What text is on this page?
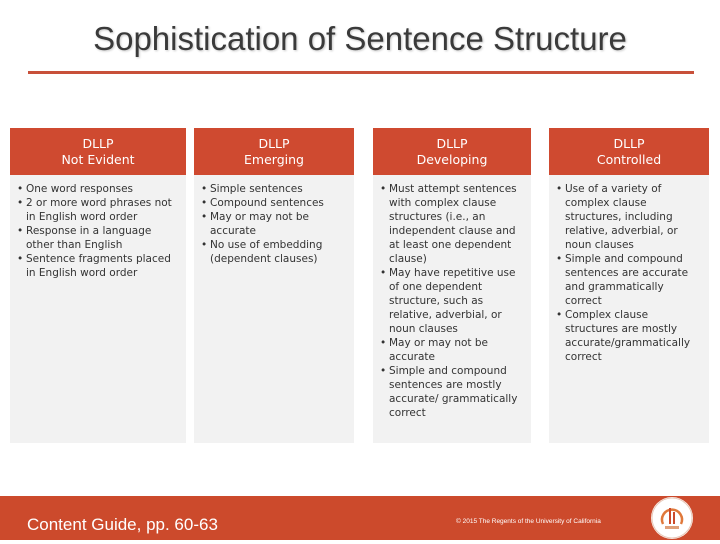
Sophistication of Sentence Structure
DLLP
Not Evident

• One word responses

• 2 or more word phrases not in English word order

• Response in a language other than English

• Sentence fragments placed in English word order

DLLP
Emerging

• Simple sentences

• Compound sentences

• May or may not be accurate

• No use of embedding (dependent clauses)

DLLP
Developing

• Must attempt sentences with complex clause structures (i.e., an independent clause and at least one dependent clause)

• May have repetitive use of one dependent structure, such as relative, adverbial, or noun clauses

• May or may not be accurate

• Simple and compound sentences are mostly accurate/ grammatically correct

DLLP
Controlled

• Use of a variety of complex clause structures, including relative, adverbial, or noun clauses

• Simple and compound sentences are accurate and grammatically correct

• Complex clause structures are mostly accurate/grammatically correct

Content Guide, pp. 60-63	© 2015 The Regents of the University of California
